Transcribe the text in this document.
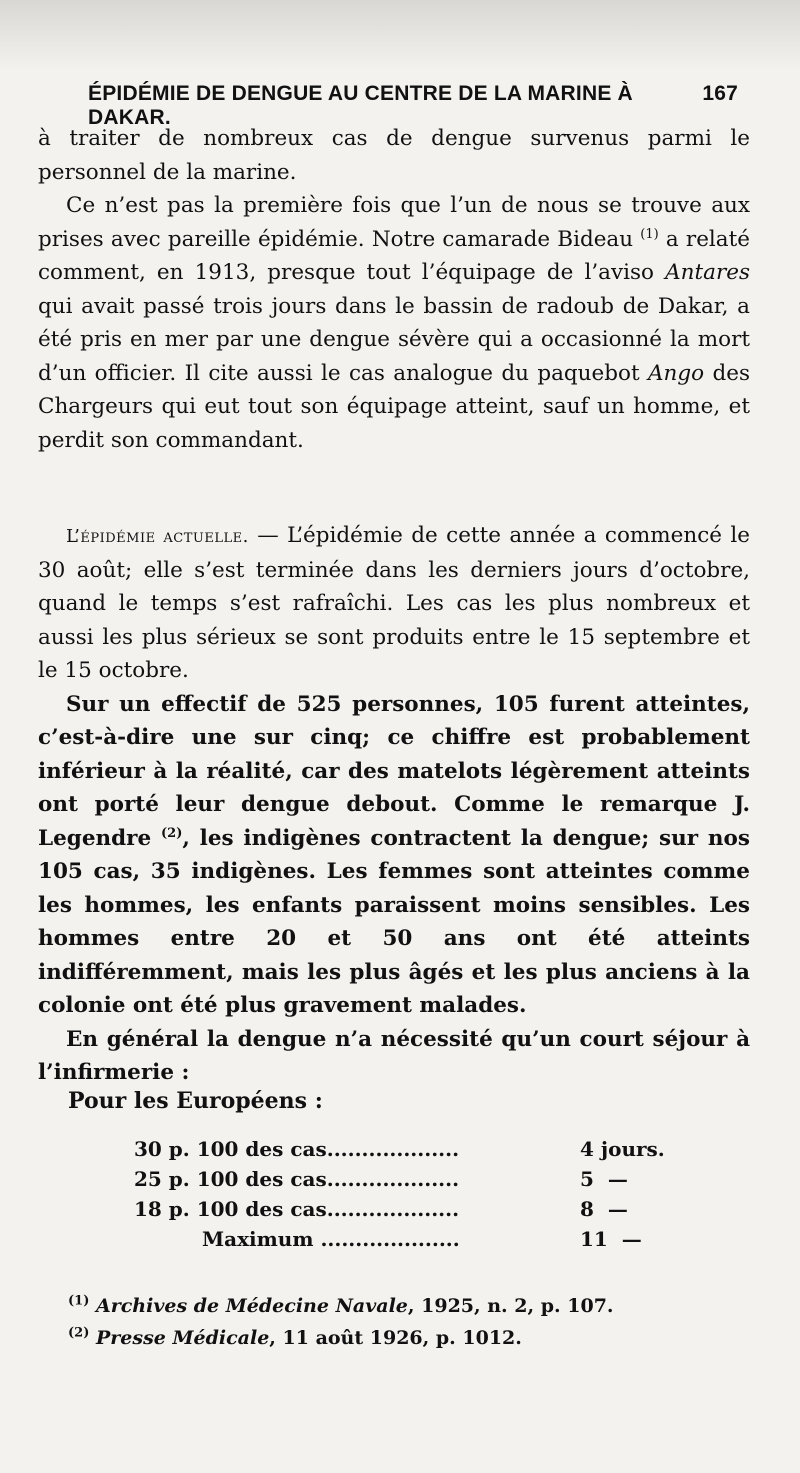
ÉPIDÉMIE DE DENGUE AU CENTRE DE LA MARINE À DAKAR.
167

à traiter de nombreux cas de dengue survenus parmi le personnel de la marine.

Ce n’est pas la première fois que l’un de nous se trouve aux prises avec pareille épidémie. Notre camarade Bideau $^{(1)}$ a relaté comment, en 1913, presque tout l’équipage de l’aviso Antares qui avait passé trois jours dans le bassin de radoub de Dakar, a été pris en mer par une dengue sévère qui a occasionné la mort d’un officier. Il cite aussi le cas analogue du paquebot Ango des Chargeurs qui eut tout son équipage atteint, sauf un homme, et perdit son commandant.

L’épidémie actuelle. — L’épidémie de cette année a commencé le 30 août; elle s’est terminée dans les derniers jours d’octobre, quand le temps s’est rafraîchi. Les cas les plus nombreux et aussi les plus sérieux se sont produits entre le 15 septembre et le 15 octobre.

Sur un effectif de 525 personnes, 105 furent atteintes, c’est-à-dire une sur cinq; ce chiffre est probablement inférieur à la réalité, car des matelots légèrement atteints ont porté leur dengue debout. Comme le remarque J. Legendre $^{(2)}$, les indigènes contractent la dengue; sur nos 105 cas, 35 indigènes. Les femmes sont atteintes comme les hommes, les enfants paraissent moins sensibles. Les hommes entre 20 et 50 ans ont été atteints indifféremment, mais les plus âgés et les plus anciens à la colonie ont été plus gravement malades.

En général la dengue n’a nécessité qu’un court séjour à l’infirmerie :

Pour les Européens :
30 p. 100 des cas...................	4 jours.
25 p. 100 des cas...................	5  —
18 p. 100 des cas...................	8  —
Maximum ....................	11  —
$^{(1)}$ Archives de Médecine Navale, 1925, n. 2, p. 107.
$^{(2)}$ Presse Médicale, 11 août 1926, p. 1012.
